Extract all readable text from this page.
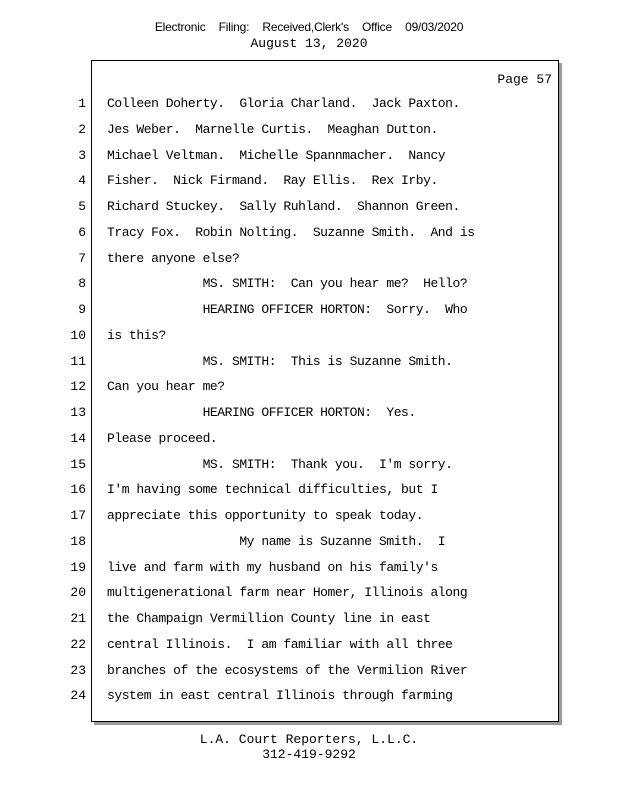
Electronic Filing: Received,Clerk's Office 09/03/2020
August 13, 2020
Page 57
1
2
3
4
5
6
7
8
9
10
11
12
13
14
15
16
17
18
19
20
21
22
23
24
Colleen Doherty.  Gloria Charland.  Jack Paxton.
Jes Weber.  Marnelle Curtis.  Meaghan Dutton.
Michael Veltman.  Michelle Spannmacher.  Nancy
Fisher.  Nick Firmand.  Ray Ellis.  Rex Irby.
Richard Stuckey.  Sally Ruhland.  Shannon Green.
Tracy Fox.  Robin Nolting.  Suzanne Smith.  And is
there anyone else?
MS. SMITH:  Can you hear me?  Hello?
HEARING OFFICER HORTON:  Sorry.  Who
is this?
MS. SMITH:  This is Suzanne Smith.
Can you hear me?
HEARING OFFICER HORTON:  Yes.
Please proceed.
MS. SMITH:  Thank you.  I'm sorry.
I'm having some technical difficulties, but I
appreciate this opportunity to speak today.
My name is Suzanne Smith.  I
live and farm with my husband on his family's
multigenerational farm near Homer, Illinois along
the Champaign Vermillion County line in east
central Illinois.  I am familiar with all three
branches of the ecosystems of the Vermilion River
system in east central Illinois through farming
L.A. Court Reporters, L.L.C.
312-419-9292
